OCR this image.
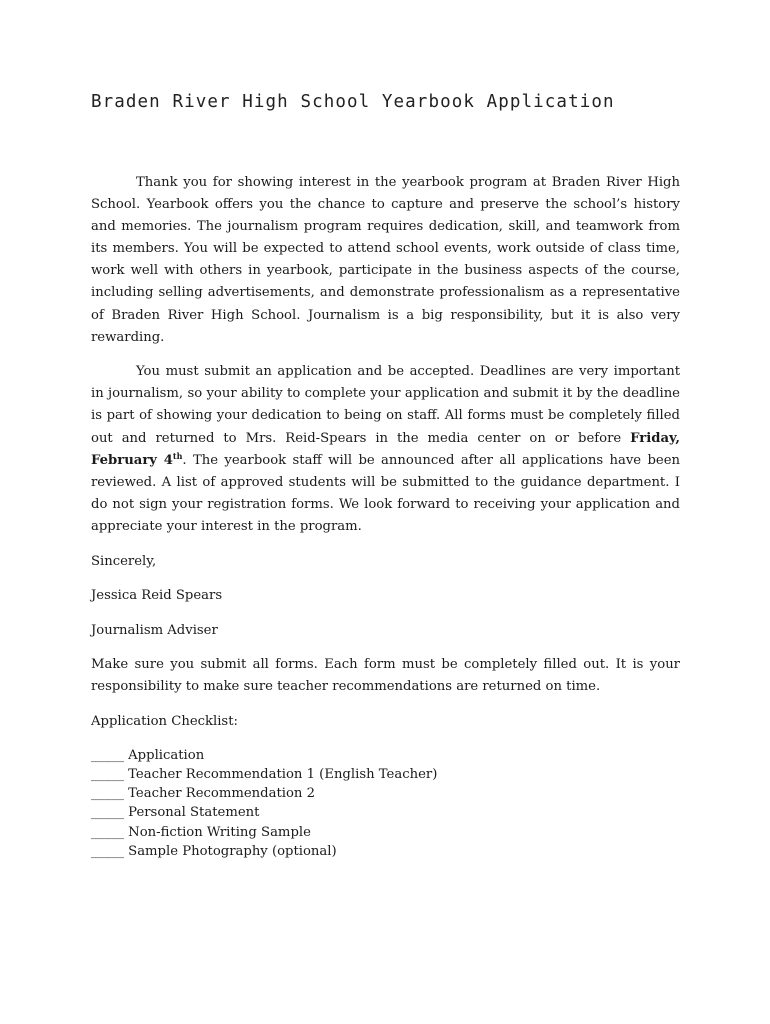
Braden River High School Yearbook Application

Thank you for showing interest in the yearbook program at Braden River High School. Yearbook offers you the chance to capture and preserve the school’s history and memories. The journalism program requires dedication, skill, and teamwork from its members. You will be expected to attend school events, work outside of class time, work well with others in yearbook, participate in the business aspects of the course, including selling advertisements, and demonstrate professionalism as a representative of Braden River High School. Journalism is a big responsibility, but it is also very rewarding.

You must submit an application and be accepted. Deadlines are very important in journalism, so your ability to complete your application and submit it by the deadline is part of showing your dedication to being on staff. All forms must be completely filled out and returned to Mrs. Reid-Spears in the media center on or before Friday, February 4th. The yearbook staff will be announced after all applications have been reviewed. A list of approved students will be submitted to the guidance department. I do not sign your registration forms. We look forward to receiving your application and appreciate your interest in the program.

Sincerely,
Jessica Reid Spears
Journalism Adviser

Make sure you submit all forms. Each form must be completely filled out. It is your responsibility to make sure teacher recommendations are returned on time.

Application Checklist:
_____ Application
_____ Teacher Recommendation 1 (English Teacher)
_____ Teacher Recommendation 2
_____ Personal Statement
_____ Non-fiction Writing Sample
_____ Sample Photography (optional)
